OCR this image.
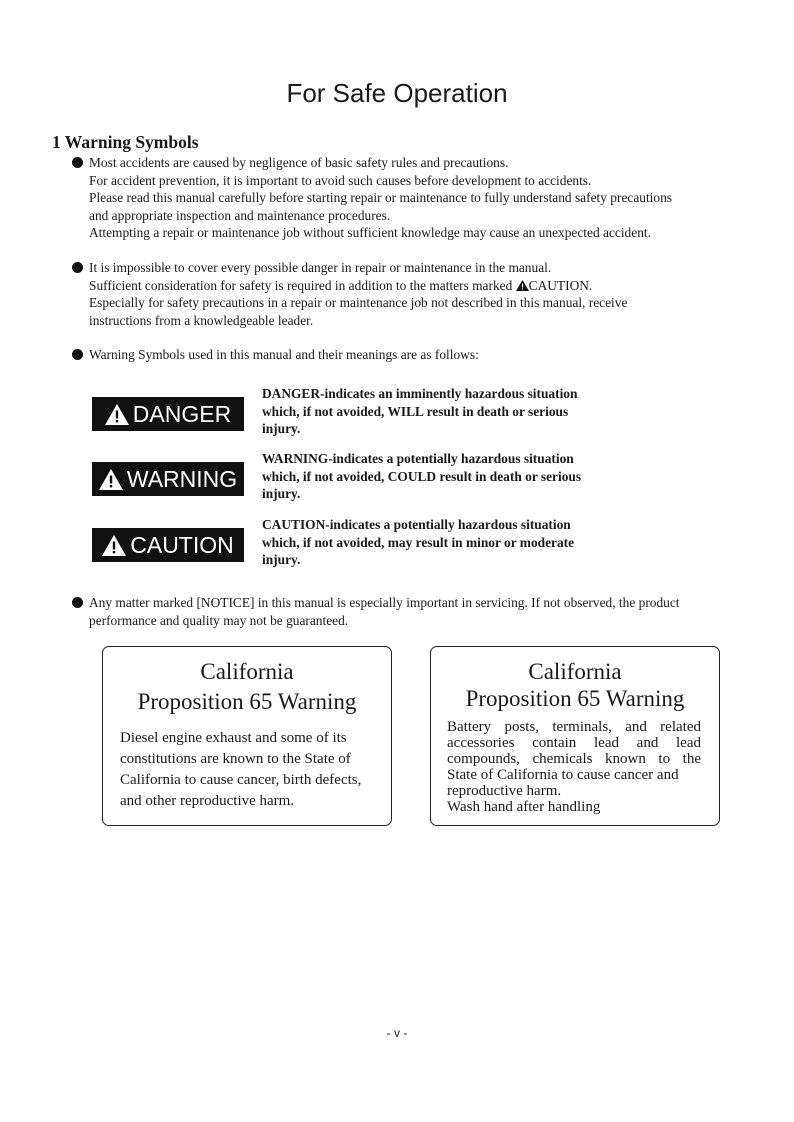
For Safe Operation
1 Warning Symbols
Most accidents are caused by negligence of basic safety rules and precautions.
For accident prevention, it is important to avoid such causes before development to accidents.
Please read this manual carefully before starting repair or maintenance to fully understand safety precautions
and appropriate inspection and maintenance procedures.
Attempting a repair or maintenance job without sufficient knowledge may cause an unexpected accident.
It is impossible to cover every possible danger in repair or maintenance in the manual.
Sufficient consideration for safety is required in addition to the matters marked CAUTION.
Especially for safety precautions in a repair or maintenance job not described in this manual, receive
instructions from a knowledgeable leader.
Warning Symbols used in this manual and their meanings are as follows:
DANGER
DANGER-indicates an imminently hazardous situation
which, if not avoided, WILL result in death or serious
injury.
WARNING
WARNING-indicates a potentially hazardous situation
which, if not avoided, COULD result in death or serious
injury.
CAUTION
CAUTION-indicates a potentially hazardous situation
which, if not avoided, may result in minor or moderate
injury.
Any matter marked [NOTICE] in this manual is especially important in servicing. If not observed, the product
performance and quality may not be guaranteed.
California
Proposition 65 Warning
Diesel engine exhaust and some of its
constitutions are known to the State of
California to cause cancer, birth defects,
and other reproductive harm.
California
Proposition 65 Warning
Battery posts, terminals, and related
accessories contain lead and lead
compounds, chemicals known to the
State of California to cause cancer and
reproductive harm.
Wash hand after handling
- v -
